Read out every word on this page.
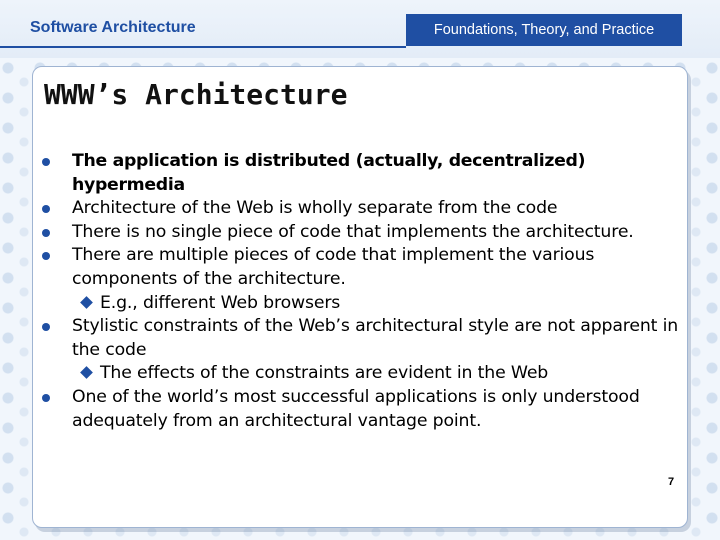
Software Architecture	Foundations, Theory, and Practice
WWW’s Architecture
The application is distributed (actually, decentralized) hypermedia
Architecture of the Web is wholly separate from the code
There is no single piece of code that implements the architecture.
There are multiple pieces of code that implement the various components of the architecture.
E.g., different Web browsers
Stylistic constraints of the Web’s architectural style are not apparent in the code
The effects of the constraints are evident in the Web
One of the world’s most successful applications is only understood adequately from an architectural vantage point.
7
